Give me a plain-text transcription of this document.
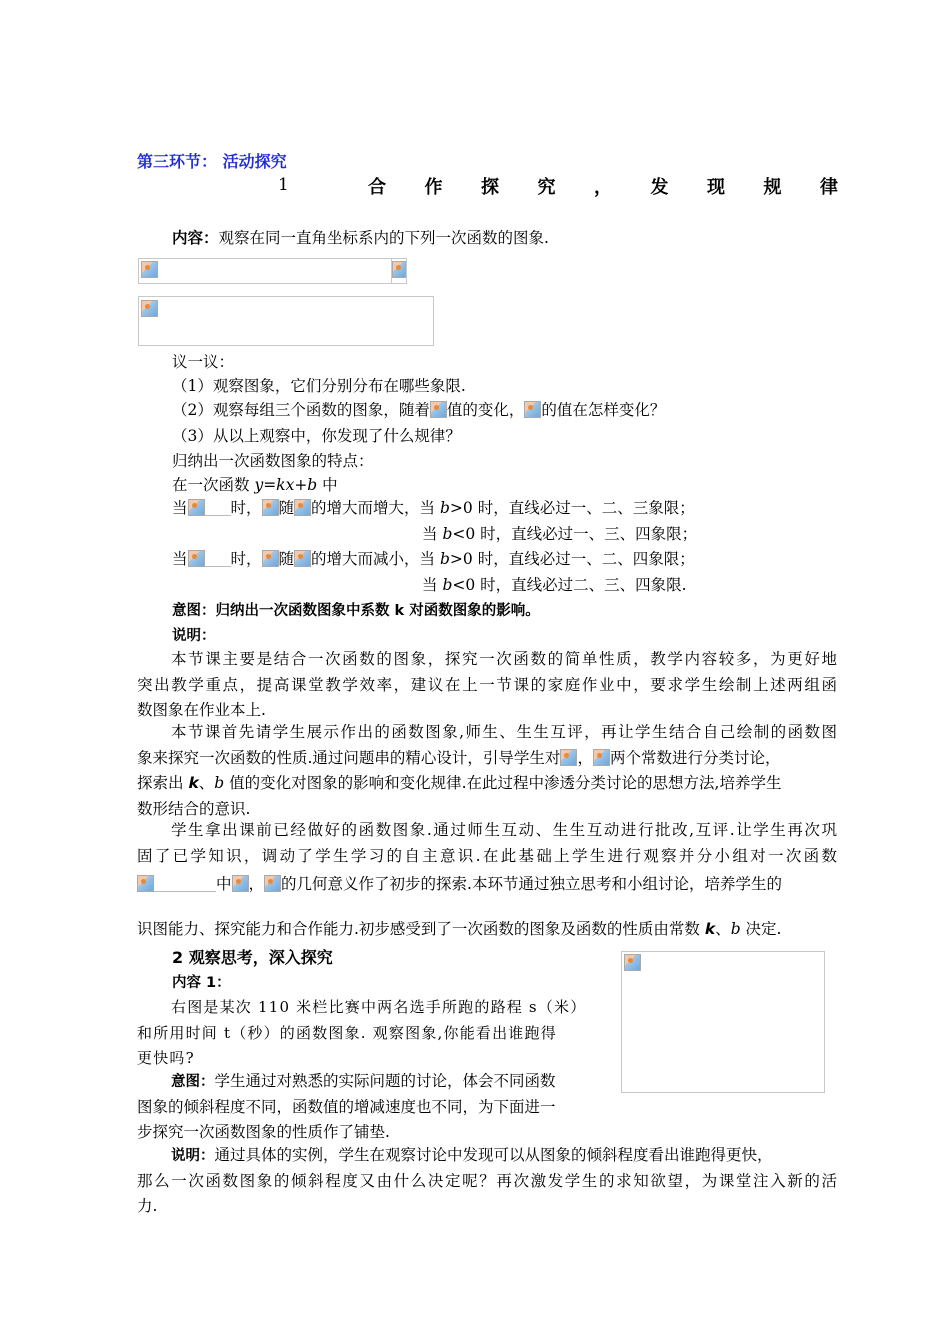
第三环节： 活动探究
1	合 作 探 究 ， 发 现 规 律
内容：观察在同一直角坐标系内的下列一次函数的图象.
议一议：
（1）观察图象，它们分别分布在哪些象限.
（2）观察每组三个函数的图象，随着 值的变化， 的值在怎样变化？
（3）从以上观察中，你发现了什么规律？
归纳出一次函数图象的特点：
在一次函数 y=kx+b 中
当	时， 随 的增大而增大，当 b>0 时，直线必过一、二、三象限；
当 b<0 时，直线必过一、三、四象限；
当	时， 随 的增大而减小，当 b>0 时，直线必过一、二、四象限；
当 b<0 时，直线必过二、三、四象限.
意图：归纳出一次函数图象中系数 k 对函数图象的影响。
说明：
本节课主要是结合一次函数的图象，探究一次函数的简单性质，教学内容较多，为更好地
突出教学重点，提高课堂教学效率，建议在上一节课的家庭作业中，要求学生绘制上述两组函
数图象在作业本上.
本节课首先请学生展示作出的函数图象,师生、生生互评，再让学生结合自己绘制的函数图
象来探究一次函数的性质.通过问题串的精心设计，引导学生对 ， 两个常数进行分类讨论，
探索出 k、b 值的变化对图象的影响和变化规律.在此过程中渗透分类讨论的思想方法,培养学生
数形结合的意识.
学生拿出课前已经做好的函数图象.通过师生互动、生生互动进行批改,互评.让学生再次巩
固了已学知识，调动了学生学习的自主意识.在此基础上学生进行观察并分小组对一次函数
中 ， 的几何意义作了初步的探索.本环节通过独立思考和小组讨论，培养学生的
识图能力、探究能力和合作能力.初步感受到了一次函数的图象及函数的性质由常数 k、b 决定.
2 观察思考，深入探究
内容 1：
右图是某次 110 米栏比赛中两名选手所跑的路程 s（米）
和所用时间 t（秒）的函数图象. 观察图象,你能看出谁跑得
更快吗?
意图：学生通过对熟悉的实际问题的讨论，体会不同函数
图象的倾斜程度不同，函数值的增减速度也不同，为下面进一
步探究一次函数图象的性质作了铺垫.
说明：通过具体的实例，学生在观察讨论中发现可以从图象的倾斜程度看出谁跑得更快，
那么一次函数图象的倾斜程度又由什么决定呢？再次激发学生的求知欲望，为课堂注入新的活
力.
